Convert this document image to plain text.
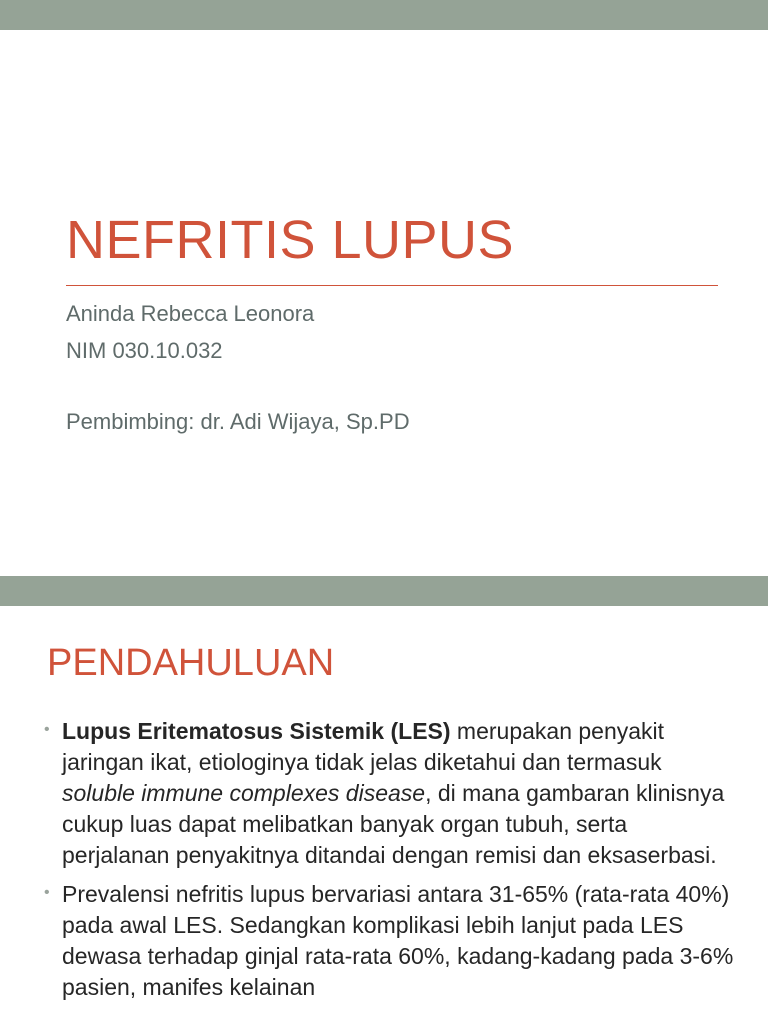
NEFRITIS LUPUS
Aninda Rebecca Leonora
NIM 030.10.032
Pembimbing: dr. Adi Wijaya, Sp.PD
PENDAHULUAN
• Lupus Eritematosus Sistemik (LES) merupakan penyakit jaringan ikat, etiologinya tidak jelas diketahui dan termasuk soluble immune complexes disease, di mana gambaran klinisnya cukup luas dapat melibatkan banyak organ tubuh, serta perjalanan penyakitnya ditandai dengan remisi dan eksaserbasi.
• Prevalensi nefritis lupus bervariasi antara 31-65% (rata-rata 40%) pada awal LES. Sedangkan komplikasi lebih lanjut pada LES dewasa terhadap ginjal rata-rata 60%, kadang-kadang pada 3-6% pasien, manifes kelainan
